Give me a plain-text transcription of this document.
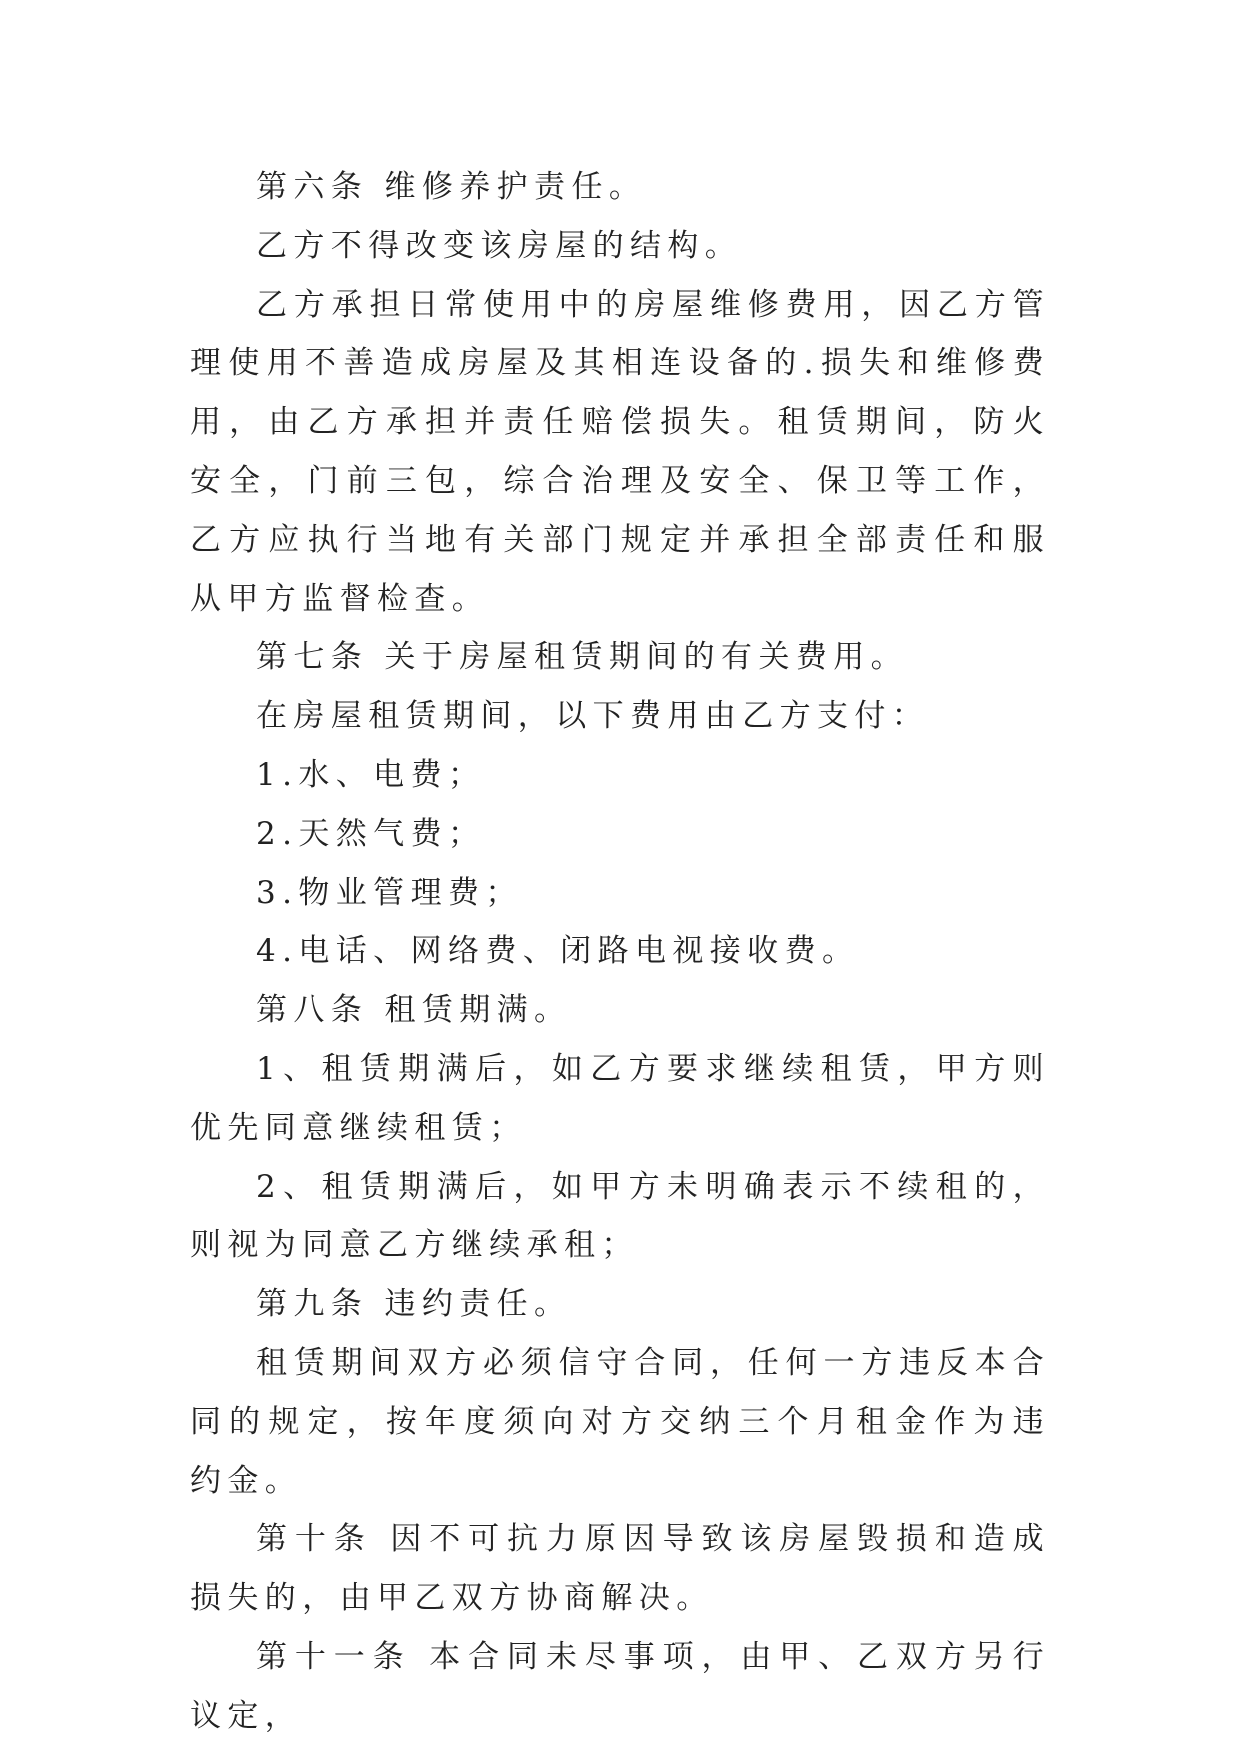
第六条 维修养护责任。

乙方不得改变该房屋的结构。

乙方承担日常使用中的房屋维修费用，因乙方管理使用不善造成房屋及其相连设备的.损失和维修费用，由乙方承担并责任赔偿损失。租赁期间，防火安全，门前三包，综合治理及安全、保卫等工作，乙方应执行当地有关部门规定并承担全部责任和服从甲方监督检查。

第七条 关于房屋租赁期间的有关费用。

在房屋租赁期间，以下费用由乙方支付：

1.水、电费；

2.天然气费；

3.物业管理费；

4.电话、网络费、闭路电视接收费。

第八条 租赁期满。

1、租赁期满后，如乙方要求继续租赁，甲方则优先同意继续租赁；

2、租赁期满后，如甲方未明确表示不续租的，则视为同意乙方继续承租；

第九条 违约责任。

租赁期间双方必须信守合同，任何一方违反本合同的规定，按年度须向对方交纳三个月租金作为违约金。

第十条 因不可抗力原因导致该房屋毁损和造成损失的，由甲乙双方协商解决。

第十一条 本合同未尽事项，由甲、乙双方另行议定，
